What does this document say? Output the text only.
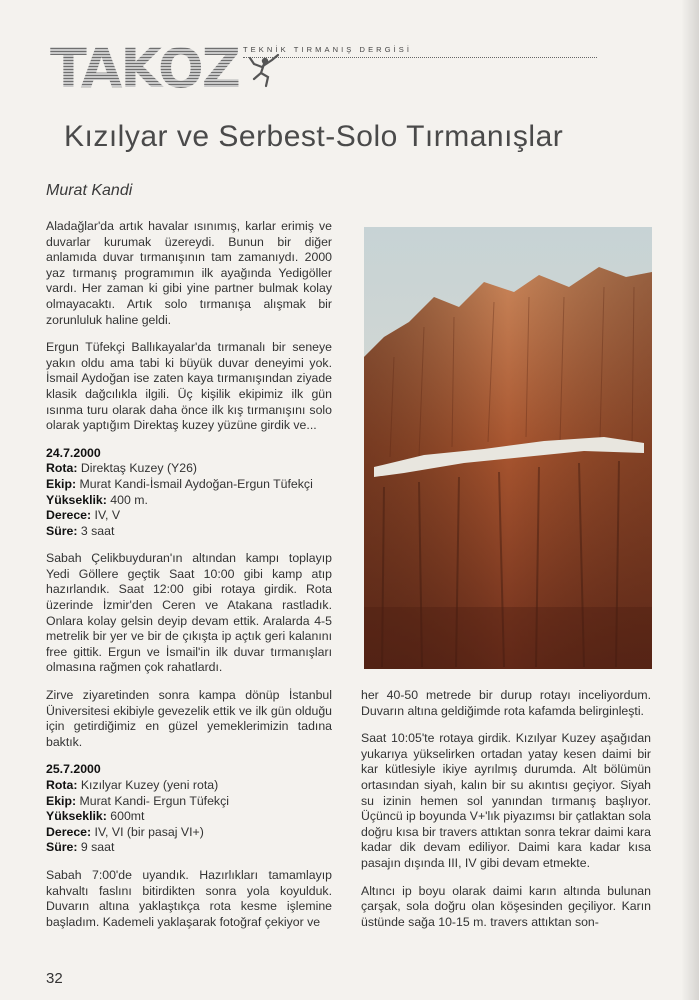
TAKOZ TEKNİK TIRMANIŞ DERGİSİ
Kızılyar ve Serbest-Solo Tırmanışlar
Murat Kandi

Aladağlar'da artık havalar ısınımış, karlar erimiş ve duvarlar kurumak üzereydi. Bunun bir diğer anlamıda duvar tırmanışının tam zamanıydı. 2000 yaz tırmanış programımın ilk ayağında Yedigöller vardı. Her zaman ki gibi yine partner bulmak kolay olmayacaktı. Artık solo tırmanışa alışmak bir zorunluluk haline geldi.

Ergun Tüfekçi Ballıkayalar'da tırmanalı bir seneye yakın oldu ama tabi ki büyük duvar deneyimi yok. İsmail Aydoğan ise zaten kaya tırmanışından ziyade klasik dağcılıkla ilgili. Üç kişilik ekipimiz ilk gün ısınma turu olarak daha önce ilk kış tırmanışını solo olarak yaptığım Direktaş kuzey yüzüne girdik ve...

24.7.2000
Rota: Direktaş Kuzey (Y26)
Ekip: Murat Kandi-İsmail Aydoğan-Ergun Tüfekçi
Yükseklik: 400 m.
Derece: IV, V
Süre: 3 saat

Sabah Çelikbuyduran'ın altından kampı toplayıp Yedi Göllere geçtik Saat 10:00 gibi kamp atıp hazırlandık. Saat 12:00 gibi rotaya girdik. Rota üzerinde İzmir'den Ceren ve Atakana rastladık. Onlara kolay gelsin deyip devam ettik. Aralarda 4-5 metrelik bir yer ve bir de çıkışta ip açtık geri kalanını free gittik. Ergun ve İsmail'in ilk duvar tırmanışları olmasına rağmen çok rahatlardı.

Zirve ziyaretinden sonra kampa dönüp İstanbul Üniversitesi ekibiyle gevezelik ettik ve ilk gün olduğu için getirdiğimiz en güzel yemeklerimizin tadına baktık.

25.7.2000
Rota: Kızılyar Kuzey (yeni rota)
Ekip: Murat Kandi- Ergun Tüfekçi
Yükseklik: 600mt
Derece: IV, VI (bir pasaj VI+)
Süre: 9 saat

Sabah 7:00'de uyandık. Hazırlıkları tamamlayıp kahvaltı faslını bitirdikten sonra yola koyulduk. Duvarın altına yaklaştıkça rota kesme işlemine başladım. Kademeli yaklaşarak fotoğraf çekiyor ve

her 40-50 metrede bir durup rotayı inceliyordum. Duvarın altına geldiğimde rota kafamda belirginleşti.

Saat 10:05'te rotaya girdik. Kızılyar Kuzey aşağıdan yukarıya yükselirken ortadan yatay kesen daimi bir kar kütlesiyle ikiye ayrılmış durumda. Alt bölümün ortasından siyah, kalın bir su akıntısı geçiyor. Siyah su izinin hemen sol yanından tırmanış başlıyor. Üçüncü ip boyunda V+'lık piyazımsı bir çatlaktan sola doğru kısa bir travers attıktan sonra tekrar daimi kara kadar dik devam ediliyor. Daimi kara kadar kısa pasajın dışında III, IV gibi devam etmekte.

Altıncı ip boyu olarak daimi karın altında bulunan çarşak, sola doğru olan köşesinden geçiliyor. Karın üstünde sağa 10-15 m. travers attıktan son-

32
